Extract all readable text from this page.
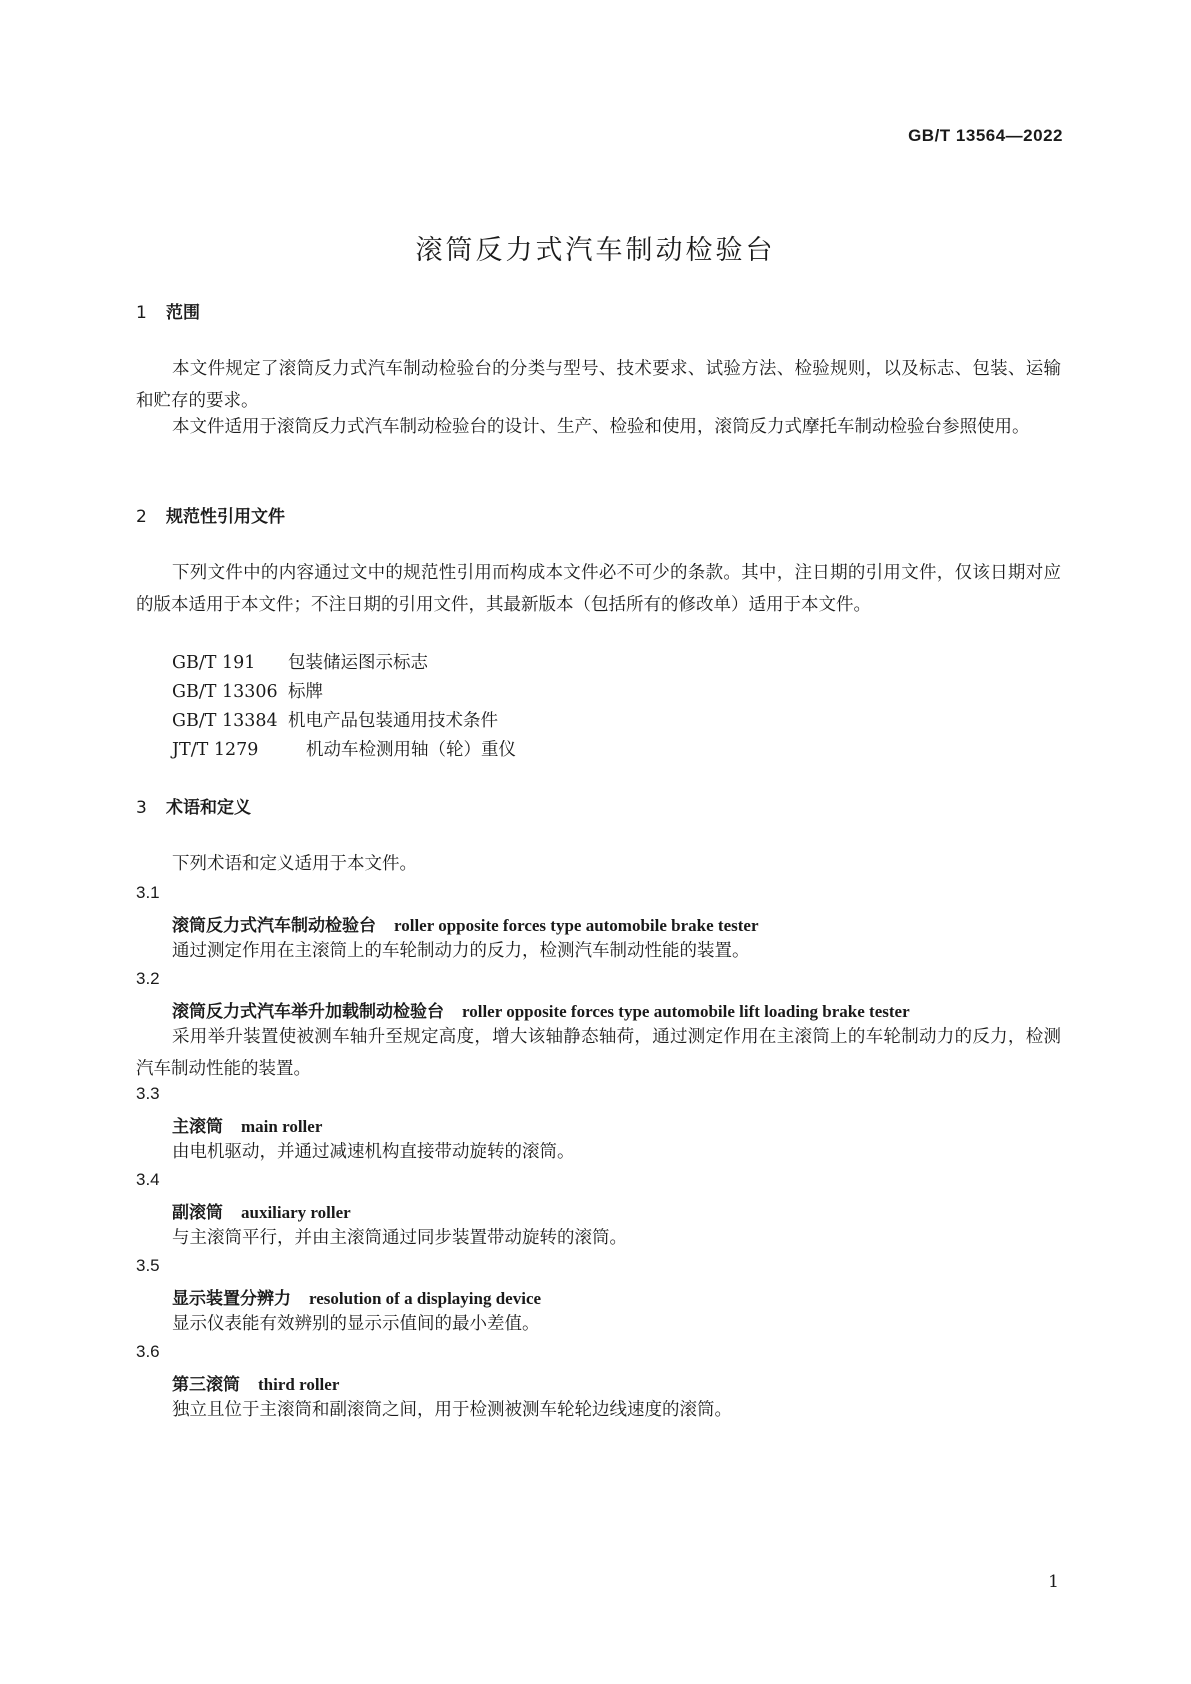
GB/T 13564—2022
滚筒反力式汽车制动检验台
1 范围
本文件规定了滚筒反力式汽车制动检验台的分类与型号、技术要求、试验方法、检验规则，以及标志、包装、运输和贮存的要求。
本文件适用于滚筒反力式汽车制动检验台的设计、生产、检验和使用，滚筒反力式摩托车制动检验台参照使用。
2 规范性引用文件
下列文件中的内容通过文中的规范性引用而构成本文件必不可少的条款。其中，注日期的引用文件，仅该日期对应的版本适用于本文件；不注日期的引用文件，其最新版本（包括所有的修改单）适用于本文件。
GB/T 191 包装储运图示标志
GB/T 13306 标牌
GB/T 13384 机电产品包装通用技术条件
JT/T 1279	机动车检测用轴（轮）重仪
3 术语和定义
下列术语和定义适用于本文件。
3.1
滚筒反力式汽车制动检验台 roller opposite forces type automobile brake tester
通过测定作用在主滚筒上的车轮制动力的反力，检测汽车制动性能的装置。
3.2
滚筒反力式汽车举升加载制动检验台 roller opposite forces type automobile lift loading brake tester
采用举升装置使被测车轴升至规定高度，增大该轴静态轴荷，通过测定作用在主滚筒上的车轮制动力的反力，检测汽车制动性能的装置。
3.3
主滚筒 main roller
由电机驱动，并通过减速机构直接带动旋转的滚筒。
3.4
副滚筒 auxiliary roller
与主滚筒平行，并由主滚筒通过同步装置带动旋转的滚筒。
3.5
显示装置分辨力 resolution of a displaying device
显示仪表能有效辨别的显示示值间的最小差值。
3.6
第三滚筒 third roller
独立且位于主滚筒和副滚筒之间，用于检测被测车轮轮边线速度的滚筒。
1
